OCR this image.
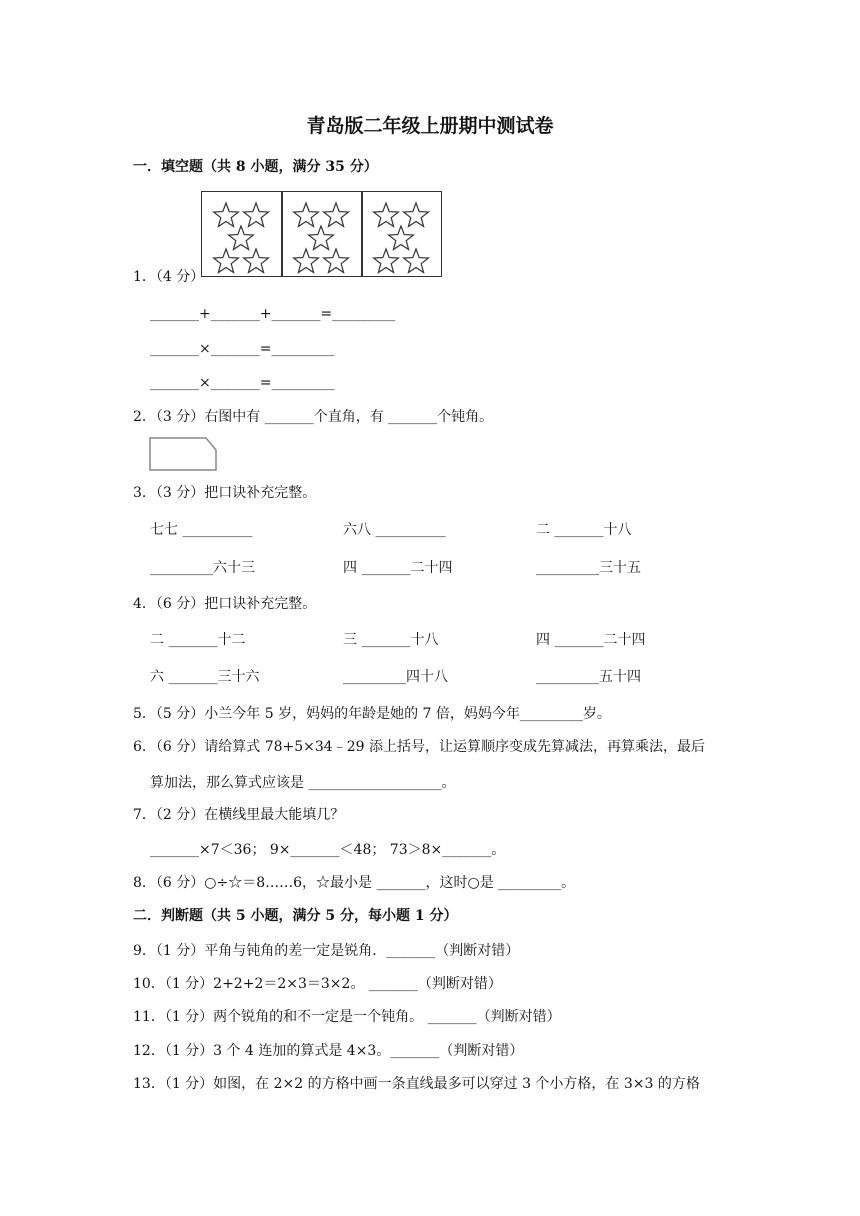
青岛版二年级上册期中测试卷
一．填空题（共 8 小题，满分 35 分）
1．（4 分）
_______+_______+_______=_________
_______×_______=_________
_______×_______=_________
2．（3 分）右图中有 _______个直角，有 _______个钝角。
3．（3 分）把口诀补充完整。
七七 __________	六八 __________	二 _______十八
_________六十三	四 _______二十四	_________三十五
4．（6 分）把口诀补充完整。
二 _______十二	三 _______十八	四 _______二十四
六 _______三十六	_________四十八	_________五十四
5．（5 分）小兰今年 5 岁，妈妈的年龄是她的 7 倍，妈妈今年_________岁。
6．（6 分）请给算式 78+5×34﹣29 添上括号，让运算顺序变成先算减法，再算乘法，最后
算加法，那么算式应该是 ___________________。
7．（2 分）在横线里最大能填几？
_______×7＜36； 9×_______＜48； 73＞8×_______。
8．（6 分）○÷☆＝8……6，☆最小是 _______，这时○是 _________。
二．判断题（共 5 小题，满分 5 分，每小题 1 分）
9．（1 分）平角与钝角的差一定是锐角．_______（判断对错）
10．（1 分）2+2+2＝2×3＝3×2。 _______（判断对错）
11．（1 分）两个锐角的和不一定是一个钝角。 _______（判断对错）
12．（1 分）3 个 4 连加的算式是 4×3。_______（判断对错）
13．（1 分）如图，在 2×2 的方格中画一条直线最多可以穿过 3 个小方格，在 3×3 的方格
